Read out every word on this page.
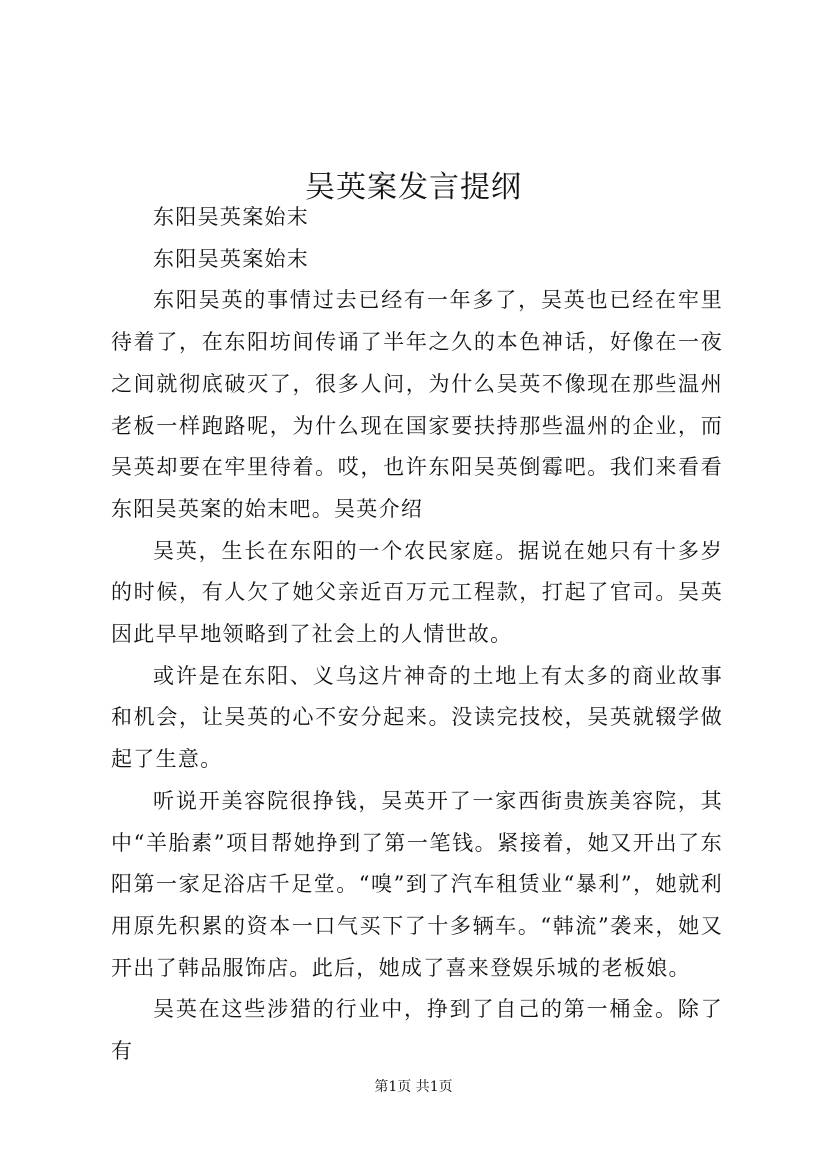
吴英案发言提纲

东阳吴英案始末

东阳吴英案始末

东阳吴英的事情过去已经有一年多了，吴英也已经在牢里待着了，在东阳坊间传诵了半年之久的本色神话，好像在一夜之间就彻底破灭了，很多人问，为什么吴英不像现在那些温州老板一样跑路呢，为什么现在国家要扶持那些温州的企业，而吴英却要在牢里待着。哎，也许东阳吴英倒霉吧。我们来看看东阳吴英案的始末吧。吴英介绍

吴英，生长在东阳的一个农民家庭。据说在她只有十多岁的时候，有人欠了她父亲近百万元工程款，打起了官司。吴英因此早早地领略到了社会上的人情世故。

或许是在东阳、义乌这片神奇的土地上有太多的商业故事和机会，让吴英的心不安分起来。没读完技校，吴英就辍学做起了生意。

听说开美容院很挣钱，吴英开了一家西街贵族美容院，其中“羊胎素”项目帮她挣到了第一笔钱。紧接着，她又开出了东阳第一家足浴店千足堂。“嗅”到了汽车租赁业“暴利”，她就利用原先积累的资本一口气买下了十多辆车。“韩流”袭来，她又开出了韩品服饰店。此后，她成了喜来登娱乐城的老板娘。

吴英在这些涉猎的行业中，挣到了自己的第一桶金。除了有

第1页 共1页
